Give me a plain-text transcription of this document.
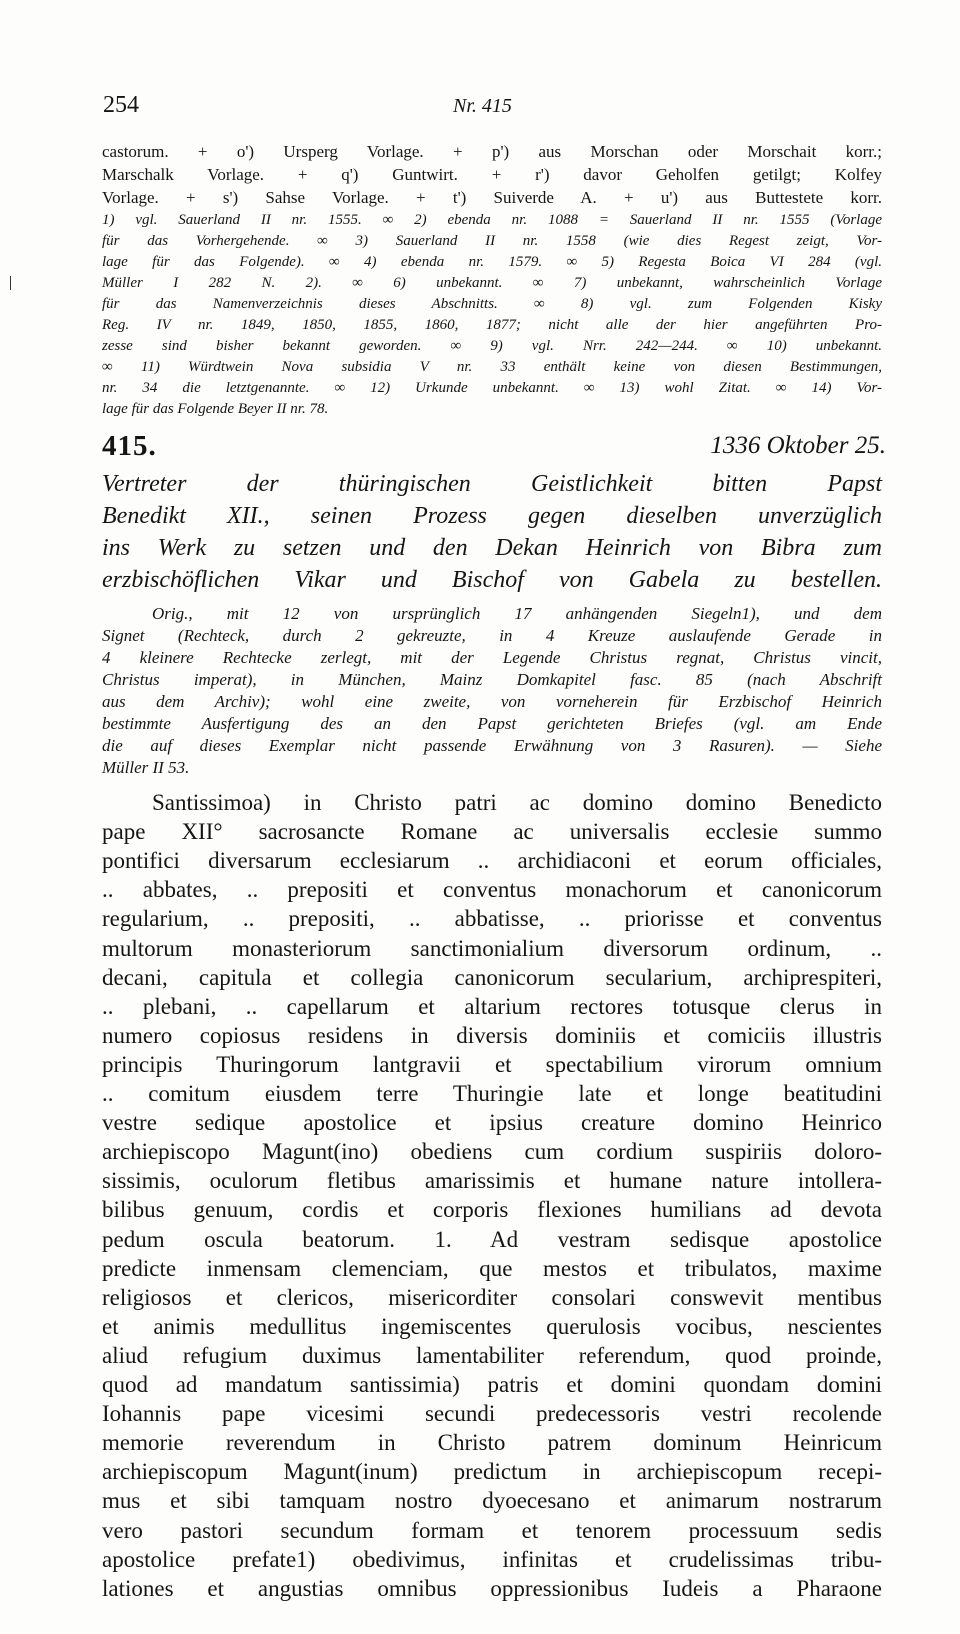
254	Nr. 415

castorum. + o') Ursperg Vorlage. + p') aus Morschan oder Morschait korr.;

Marschalk Vorlage. + q') Guntwirt. + r') davor Geholfen getilgt; Kolfey

Vorlage. + s') Sahse Vorlage. + t') Suiverde A. + u') aus Buttestete korr.

1) vgl. Sauerland II nr. 1555. ∞ 2) ebenda nr. 1088 = Sauerland II nr. 1555 (Vorlage

für das Vorhergehende. ∞ 3) Sauerland II nr. 1558 (wie dies Regest zeigt, Vor-

lage für das Folgende). ∞ 4) ebenda nr. 1579. ∞ 5) Regesta Boica VI 284 (vgl.

Müller I 282 N. 2). ∞ 6) unbekannt. ∞ 7) unbekannt, wahrscheinlich Vorlage

für das Namenverzeichnis dieses Abschnitts. ∞ 8) vgl. zum Folgenden Kisky

Reg. IV nr. 1849, 1850, 1855, 1860, 1877; nicht alle der hier angeführten Pro-

zesse sind bisher bekannt geworden. ∞ 9) vgl. Nrr. 242—244. ∞ 10) unbekannt.

∞ 11) Würdtwein Nova subsidia V nr. 33 enthält keine von diesen Bestimmungen,

nr. 34 die letztgenannte. ∞ 12) Urkunde unbekannt. ∞ 13) wohl Zitat. ∞ 14) Vor-

lage für das Folgende Beyer II nr. 78.

415.	1336 Oktober 25.

Vertreter der thüringischen Geistlichkeit bitten Papst

Benedikt XII., seinen Prozess gegen dieselben unverzüglich

ins Werk zu setzen und den Dekan Heinrich von Bibra zum

erzbischöflichen Vikar und Bischof von Gabela zu bestellen.

Orig., mit 12 von ursprünglich 17 anhängenden Siegeln1), und dem

Signet (Rechteck, durch 2 gekreuzte, in 4 Kreuze auslaufende Gerade in

4 kleinere Rechtecke zerlegt, mit der Legende Christus regnat, Christus vincit,

Christus imperat), in München, Mainz Domkapitel fasc. 85 (nach Abschrift

aus dem Archiv); wohl eine zweite, von vorneherein für Erzbischof Heinrich

bestimmte Ausfertigung des an den Papst gerichteten Briefes (vgl. am Ende

die auf dieses Exemplar nicht passende Erwähnung von 3 Rasuren). — Siehe

Müller II 53.

Santissimoa) in Christo patri ac domino domino Benedicto

pape XII° sacrosancte Romane ac universalis ecclesie summo

pontifici diversarum ecclesiarum .. archidiaconi et eorum officiales,

.. abbates, .. prepositi et conventus monachorum et canonicorum

regularium, .. prepositi, .. abbatisse, .. priorisse et conventus

multorum monasteriorum sanctimonialium diversorum ordinum, ..

decani, capitula et collegia canonicorum secularium, archiprespiteri,

.. plebani, .. capellarum et altarium rectores totusque clerus in

numero copiosus residens in diversis dominiis et comiciis illustris

principis Thuringorum lantgravii et spectabilium virorum omnium

.. comitum eiusdem terre Thuringie late et longe beatitudini

vestre sedique apostolice et ipsius creature domino Heinrico

archiepiscopo Magunt(ino) obediens cum cordium suspiriis doloro-

sissimis, oculorum fletibus amarissimis et humane nature intollera-

bilibus genuum, cordis et corporis flexiones humilians ad devota

pedum oscula beatorum. 1. Ad vestram sedisque apostolice

predicte inmensam clemenciam, que mestos et tribulatos, maxime

religiosos et clericos, misericorditer consolari conswevit mentibus

et animis medullitus ingemiscentes querulosis vocibus, nescientes

aliud refugium duximus lamentabiliter referendum, quod proinde,

quod ad mandatum santissimia) patris et domini quondam domini

Iohannis pape vicesimi secundi predecessoris vestri recolende

memorie reverendum in Christo patrem dominum Heinricum

archiepiscopum Magunt(inum) predictum in archiepiscopum recepi-

mus et sibi tamquam nostro dyoecesano et animarum nostrarum

vero pastori secundum formam et tenorem processuum sedis

apostolice prefate1) obedivimus, infinitas et crudelissimas tribu-

lationes et angustias omnibus oppressionibus Iudeis a Pharaone
